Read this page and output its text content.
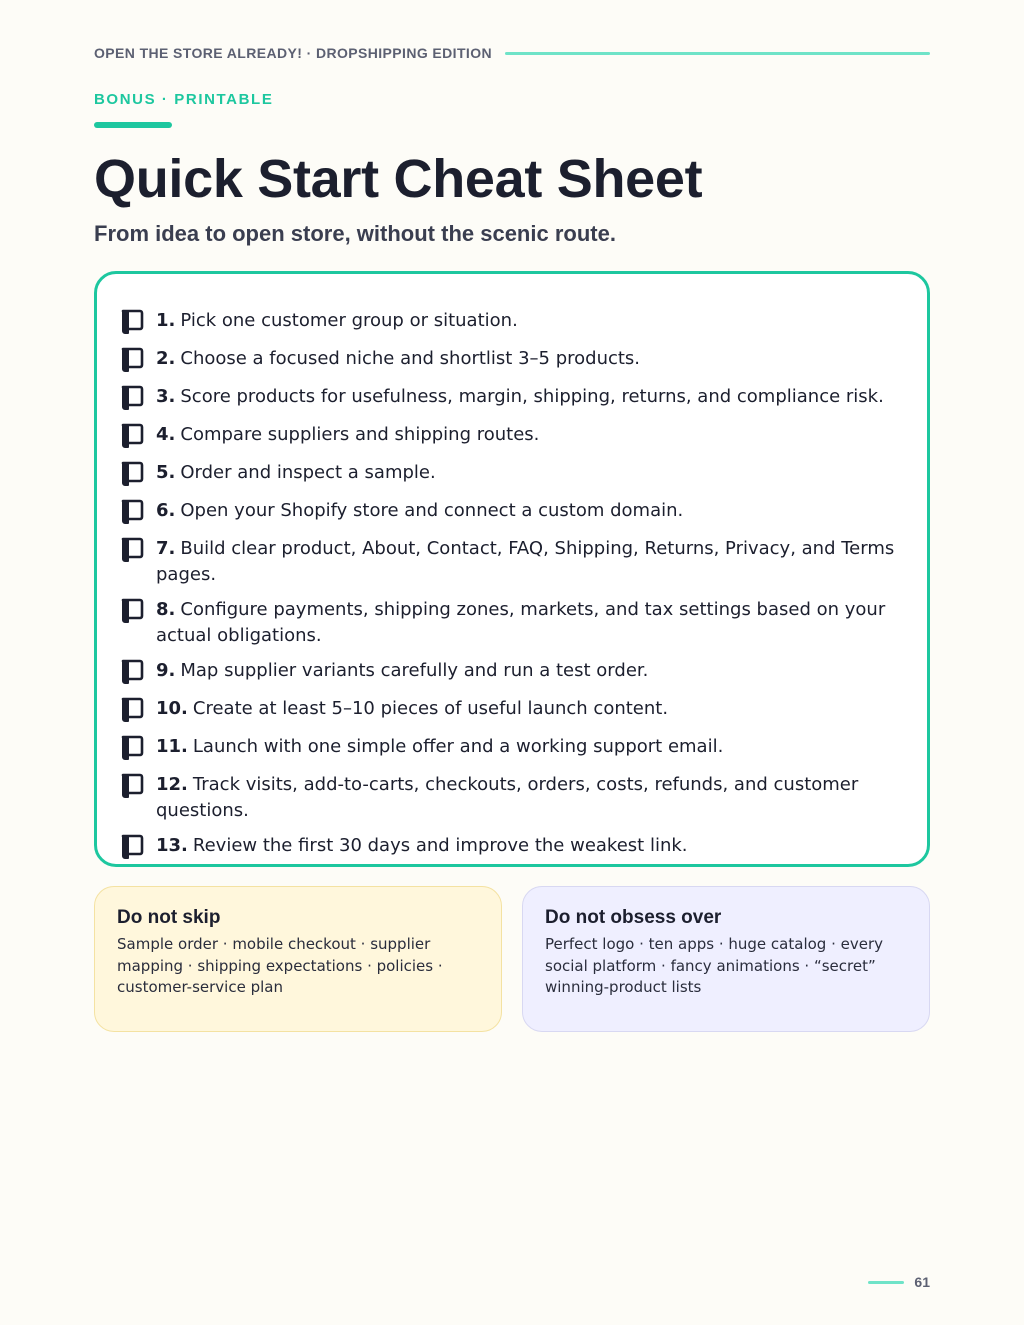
OPEN THE STORE ALREADY! · DROPSHIPPING EDITION
BONUS · PRINTABLE
Quick Start Cheat Sheet
From idea to open store, without the scenic route.
1. Pick one customer group or situation.
2. Choose a focused niche and shortlist 3–5 products.
3. Score products for usefulness, margin, shipping, returns, and compliance risk.
4. Compare suppliers and shipping routes.
5. Order and inspect a sample.
6. Open your Shopify store and connect a custom domain.
7. Build clear product, About, Contact, FAQ, Shipping, Returns, Privacy, and Terms pages.
8. Configure payments, shipping zones, markets, and tax settings based on your actual obligations.
9. Map supplier variants carefully and run a test order.
10. Create at least 5–10 pieces of useful launch content.
11. Launch with one simple offer and a working support email.
12. Track visits, add-to-carts, checkouts, orders, costs, refunds, and customer questions.
13. Review the first 30 days and improve the weakest link.
Do not skip
Sample order · mobile checkout · supplier mapping · shipping expectations · policies · customer-service plan
Do not obsess over
Perfect logo · ten apps · huge catalog · every social platform · fancy animations · “secret” winning-product lists
61
